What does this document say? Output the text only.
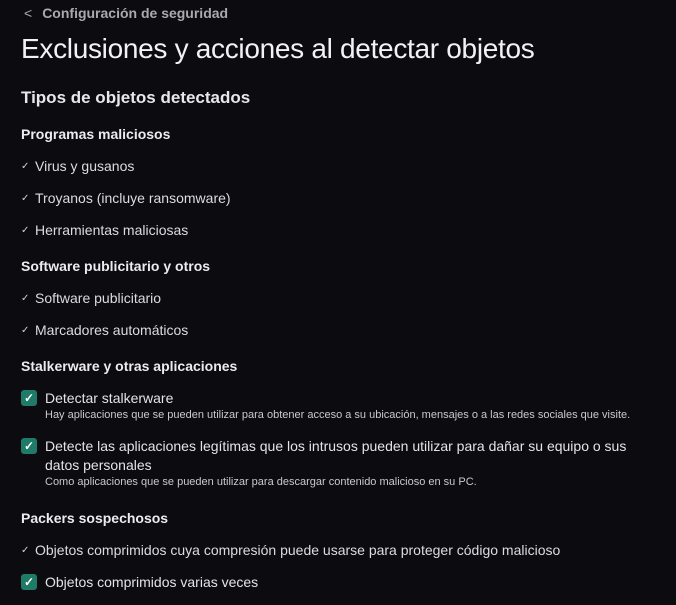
< Configuración de seguridad
Exclusiones y acciones al detectar objetos
Tipos de objetos detectados
Programas maliciosos
✓ Virus y gusanos
✓ Troyanos (incluye ransomware)
✓ Herramientas maliciosas
Software publicitario y otros
✓ Software publicitario
✓ Marcadores automáticos
Stalkerware y otras aplicaciones
✓ Detectar stalkerware
Hay aplicaciones que se pueden utilizar para obtener acceso a su ubicación, mensajes o a las redes sociales que visite.
✓ Detecte las aplicaciones legítimas que los intrusos pueden utilizar para dañar su equipo o sus datos personales
Como aplicaciones que se pueden utilizar para descargar contenido malicioso en su PC.
Packers sospechosos
✓ Objetos comprimidos cuya compresión puede usarse para proteger código malicioso
✓ Objetos comprimidos varias veces
